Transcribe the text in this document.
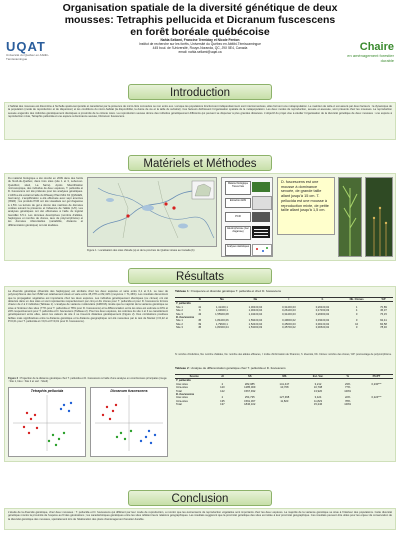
UQAT
Université du Québec en Abitibi-Témiscamingue
Organisation spatiale de la diversité génétique de deux mousses: Tetraphis pellucida et Dicranum fuscescens en forêt boréale québécoise
Nahla Sellami, Francine Tremblay et Nicole Fenton
Institut de recherche sur les forêts, Université du Québec en Abitibi-Témiscamingue
445 boul. de l'Université, Rouyn-Noranda, QC, J9X 5E4, Canada
email: nahla.sellami@uqat.ca	Chaire
en aménagement forestier durable
Introduction

L'habitat des mousses est discontinu à l'échelle spatio-temporelle et caractérisé par la présence de micro-îlots connectés ou non entre eux. Lorsque les populations fonctionnent indépendamment sont interconnectées, elles forment une métapopulation. Le maintien de celle-ci est assuré par deux facteurs : la dynamique de la population (mode de reproduction et de dispersion) et les conditions du micro-habitat (la disponibilité, la durée de vie et la taille du substrat). Ces facteurs définissent l'organisation spatiale de la métapopulation. Les deux modes de reproduction, sexuée et asexuée, sont présents chez les mousses. La reproduction sexuée engendre des individus génétiquement identiques à proximité de la colonie mère. La reproduction sexuée donne des individus génétiquement différents qui peuvent se disperser à plus grandes distances. L'objectif du projet vise à étudier l'organisation de la diversité génétique de deux mousses : une espèce à reproduction mixte, Tetraphis pellucida et une espèce à dominance sexuée, Dicranum fuscescens.

Matériels et Méthodes

Du matériel biologique a été récolté en 2009 dans des forêts du Nord-du-Québec, dans trois sites (site 1 et 3, Lebel-sur-Quévillon; site2, La Sarre). Après l'identification microscopique, des individus de deux espèces, T. pellucida et D. fuscescens ont été prélevés pour les analyses génétiques. L'ADN a été extrait à l'aide du DNeasy Plant Mini Kit (QIAGEN, Germany). L'amplification a été effectuée avec sept amorces (ISSR) ; les produits PCR ont été visualisés sur gel d'agarose à 1,5%. La lecture de gel a donné des matrices de données codées suivant la présence et l'absence de l'allèle (1/0). Les analyses génétiques ont été effectuées à l'aide du logiciel GenAlEx 6.5.1. Les données descriptives (nombre d'allèles, haplotypes et nombre de clones, taux de polymorphisme) et les données inférentielles (variabilité, distance et différenciation génétique) ont été étudiées.

Figure 1 : Localisation des sites d'étude (a) et de la province de Québec située au Canada (b)
Matériel biologique Tissus frais
Extraction ADN
PCR
Electrophorèse (Gel d'agarose)
Analyses statistiques
D. fuscescens est une mousse à dominance sexuée, de grande taille allant jusqu'à 15 cm. T. pellucida est une mousse à reproduction mixte, de petite taille allant jusqu'à 1,5 cm.
Résultats

La diversité génétique (diversité des haplotypes) est similaire chez les deux espèces et varie entre 0,1 et 0,4. Le taux de polymorphisme des loci ISSR est relativement élevé et varie entre 45,37% et 82,41% (moyenne = 71,46%). Les résultats démontrent que la propagation végétative est importante chez les deux espèces. Les individus génétiquement identiques (ou clones) ont été détectés dans un des sites et sont représentés respectivement par cinq et dix clones pour T. pellucida et pour D. fuscescens formés chacun de 2 à 3 individus (Tableau 1). L'analyse de variance moléculaire (AMOVA) révèle que la majorité de la variance génétique se situe à l'intérieur des sites (77% pour T. pellucida et 78% pour D. fuscescens) et la différenciation entre les sites est estimée à 23% et 22% respectivement pour T. pellucida et D. fuscescens (Tableau 2). Pour les deux espèces, les colonies du site 1 et 3 se caractérisent génétiquement entre elles, selon les valeurs de site 2 se trouvent distantes génétiquement (Figure 2). Des corrélations positives faibles mais significatives entre la distance génétique et la distance géographique ont été mesurées par le test de Mantel (r=0,22 et P=0,01 pour T. pellucida et r=0,6 et P=0,01 pour D. fuscescens).

Figure 2 : Projection de la distance génétique chez T. pellucida et D. fuscescens à l'aide d'une analyse en coordonnées principales (rouge : Site 1, bleu : Site 2 et vert : Site3)
Tetraphis pellucida	Dicranum fuscescens
Tableau 1 : Fréquence et diversité génétique T. pellucida et chez D. fuscescens
	N	Na	Ne	I	h	Nb. Clones	%P
T. pellucida							
Site 1	41	1,414±0,1	1,304±0,04	0,314±0,03	0,204±0,02	1	70,89
Site 2	8	1,049±0,1	1,304±0,04	0,261±0,03	0,173±0,03	4	45,37
Site 3	43	1,559±0,08	1,344±0,04	0,314±0,03	0,209±0,02	0	76,15
D. fuscescens							
Site 1	45	1,844±0,06	1,594±0,04	0,496±0,02	0,334±0,02	0	92,41
Site 2	39	1,796±0,1	1,524±0,04	0,450±0,03	0,301±0,02	10	84,58
Site 3	45	1,833±0,04	1,530±0,03	0,457±0,02	0,306±0,02	0	78,46
N: nombre d'individus, Na: nombre d'allèles, Ne: nombre des allèles efficaces, I: indice d'information de Shannon, h: diversité, Nb. Clones: nombre des clones, %P: pourcentage de polymorphisme.
Tableau 2 : Analyse de différenciation génétique chez T. pellucida et D. fuscescens
Source	dl	SS	MS	Est. Var.	%	PhiPT
T. pellucida						
Inter-sites	2	282,085	141,447	3,212	23%	0,230***
Intra-sites	120	1285,009	10,708	10,708	77%	
Total	122	1567,932		13,920	100%	
D. fuscescens						
Inter-sites	2	254,735	127,368	3,424	22%	0,224***
Intra-sites	135	1591,367	11,823	11,823	78%	
Total	137	1846,102		15,246	100%	
Conclusion

L'étude de la diversité génétique, chez deux mousses : T. pellucida et D. fuscescens qui diffèrent par leur mode de reproduction, a montré que les événements de reproduction végétative sont importants chez les deux espèces. La majorité de la variance génétique se situe à l'intérieur des populations. Cette diversité génétique montre la proximité de l'espèce au fil des générations ; les caractéristiques génétiques entre les sites reflètent leurs relations géographiques. Les résultats suggèrent que la proximité génétique des sites est reliée à leur proximité géographique. Ces résultats peuvent être utiles pour les enjeux de conservation de la diversité génétique des mousses, spécialement lors de l'élaboration des plans d'aménagement forestier durable.
